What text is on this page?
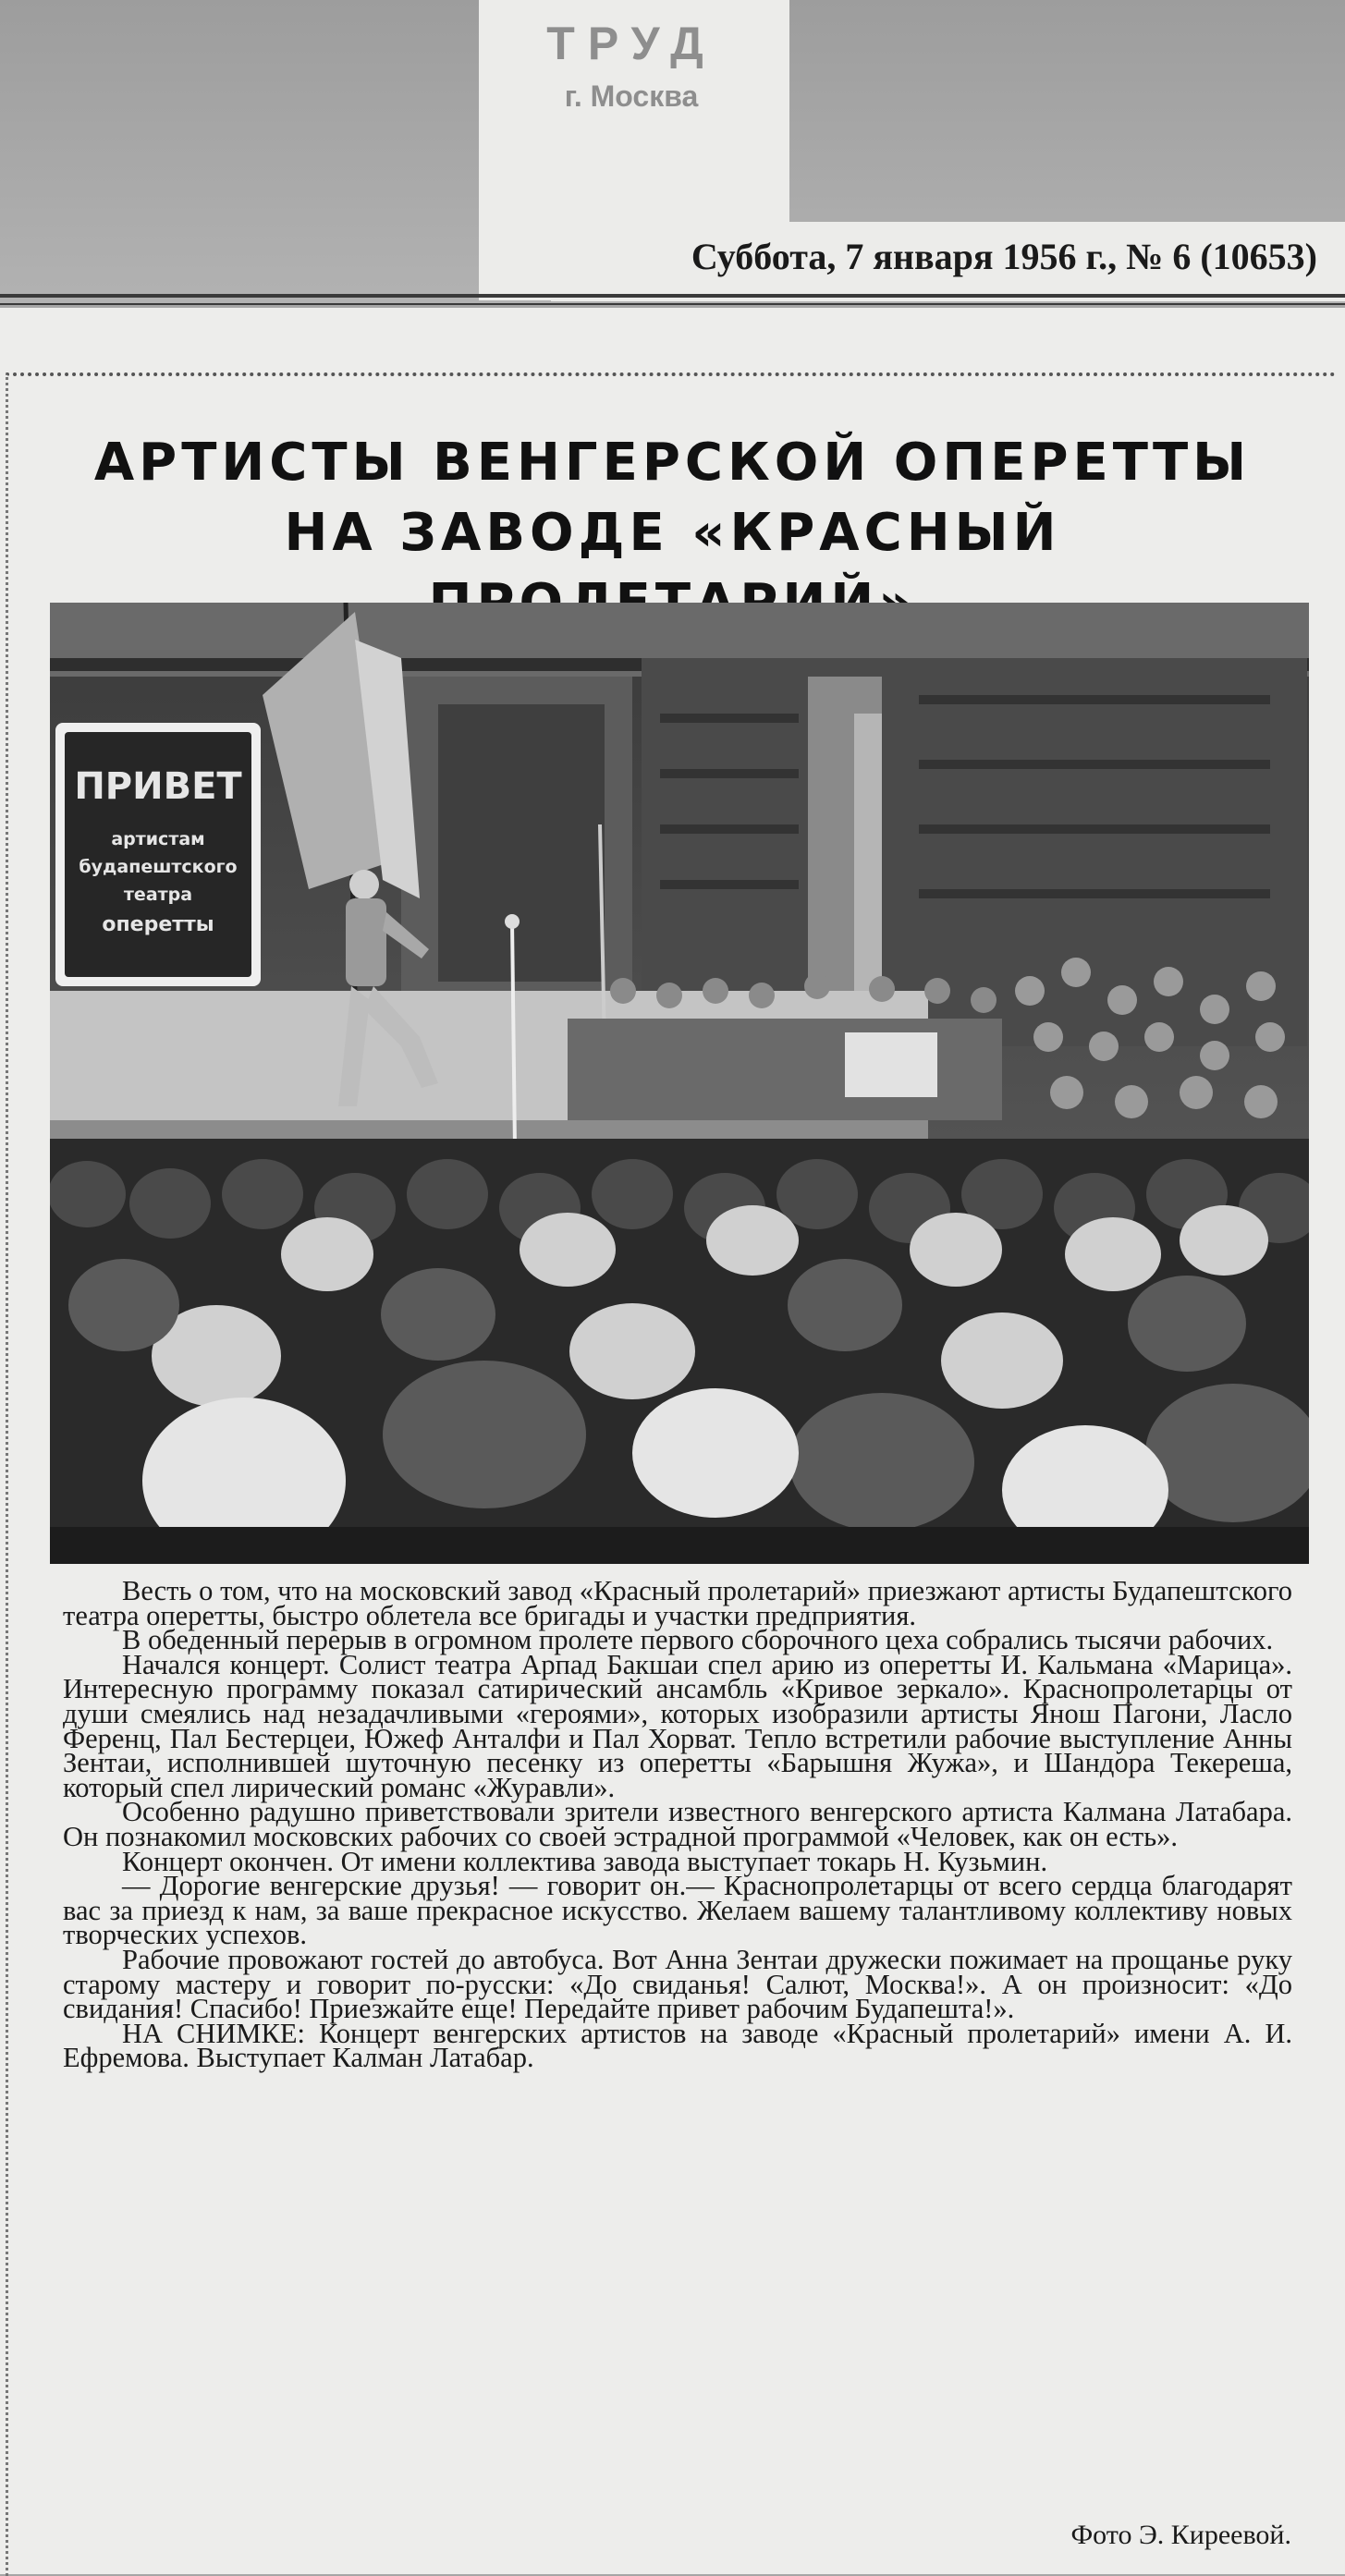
ТРУД
г. Москва
Суббота, 7 января 1956 г., № 6 (10653)
АРТИСТЫ ВЕНГЕРСКОЙ ОПЕРЕТТЫ
НА ЗАВОДЕ «КРАСНЫЙ
ПРИВЕТ
артистам
будапештского
театра
оперетты

Весть о том, что на московский завод «Красный пролетарий» приезжают артисты Будапештского театра оперетты, быстро облетела все бригады и участки предприятия.

В обеденный перерыв в огромном пролете первого сборочного цеха собрались тысячи рабочих.

Начался концерт. Солист театра Арпад Бакшаи спел арию из оперетты И. Кальмана «Марица». Интересную программу показал сатирический ансамбль «Кривое зеркало». Краснопролетарцы от души смеялись над незадачливыми «героями», которых изобразили артисты Янош Пагони, Ласло Ференц, Пал Бестерцеи, Южеф Анталфи и Пал Хорват. Тепло встретили рабочие выступление Анны Зентаи, исполнившей шуточную песенку из оперетты «Барышня Жужа», и Шандора Текереша, который спел лирический романс «Журавли».

Особенно радушно приветствовали зрители известного венгерского артиста Калмана Латабара. Он познакомил московских рабочих со своей эстрадной программой «Человек, как он есть».

Концерт окончен. От имени коллектива завода выступает токарь Н. Кузьмин.

— Дорогие венгерские друзья! — говорит он.— Краснопролетарцы от всего сердца благодарят вас за приезд к нам, за ваше прекрасное искусство. Желаем вашему талантливому коллективу новых творческих успехов.

Рабочие провожают гостей до автобуса. Вот Анна Зентаи дружески пожимает на прощанье руку старому мастеру и говорит по-русски: «До свиданья! Салют, Москва!». А он произносит: «До свидания! Спасибо! Приезжайте еще! Передайте привет рабочим Будапешта!».

НА СНИМКЕ: Концерт венгерских артистов на заводе «Красный пролетарий» имени А. И. Ефремова. Выступает Калман Латабар.

Фото Э. Киреевой.
